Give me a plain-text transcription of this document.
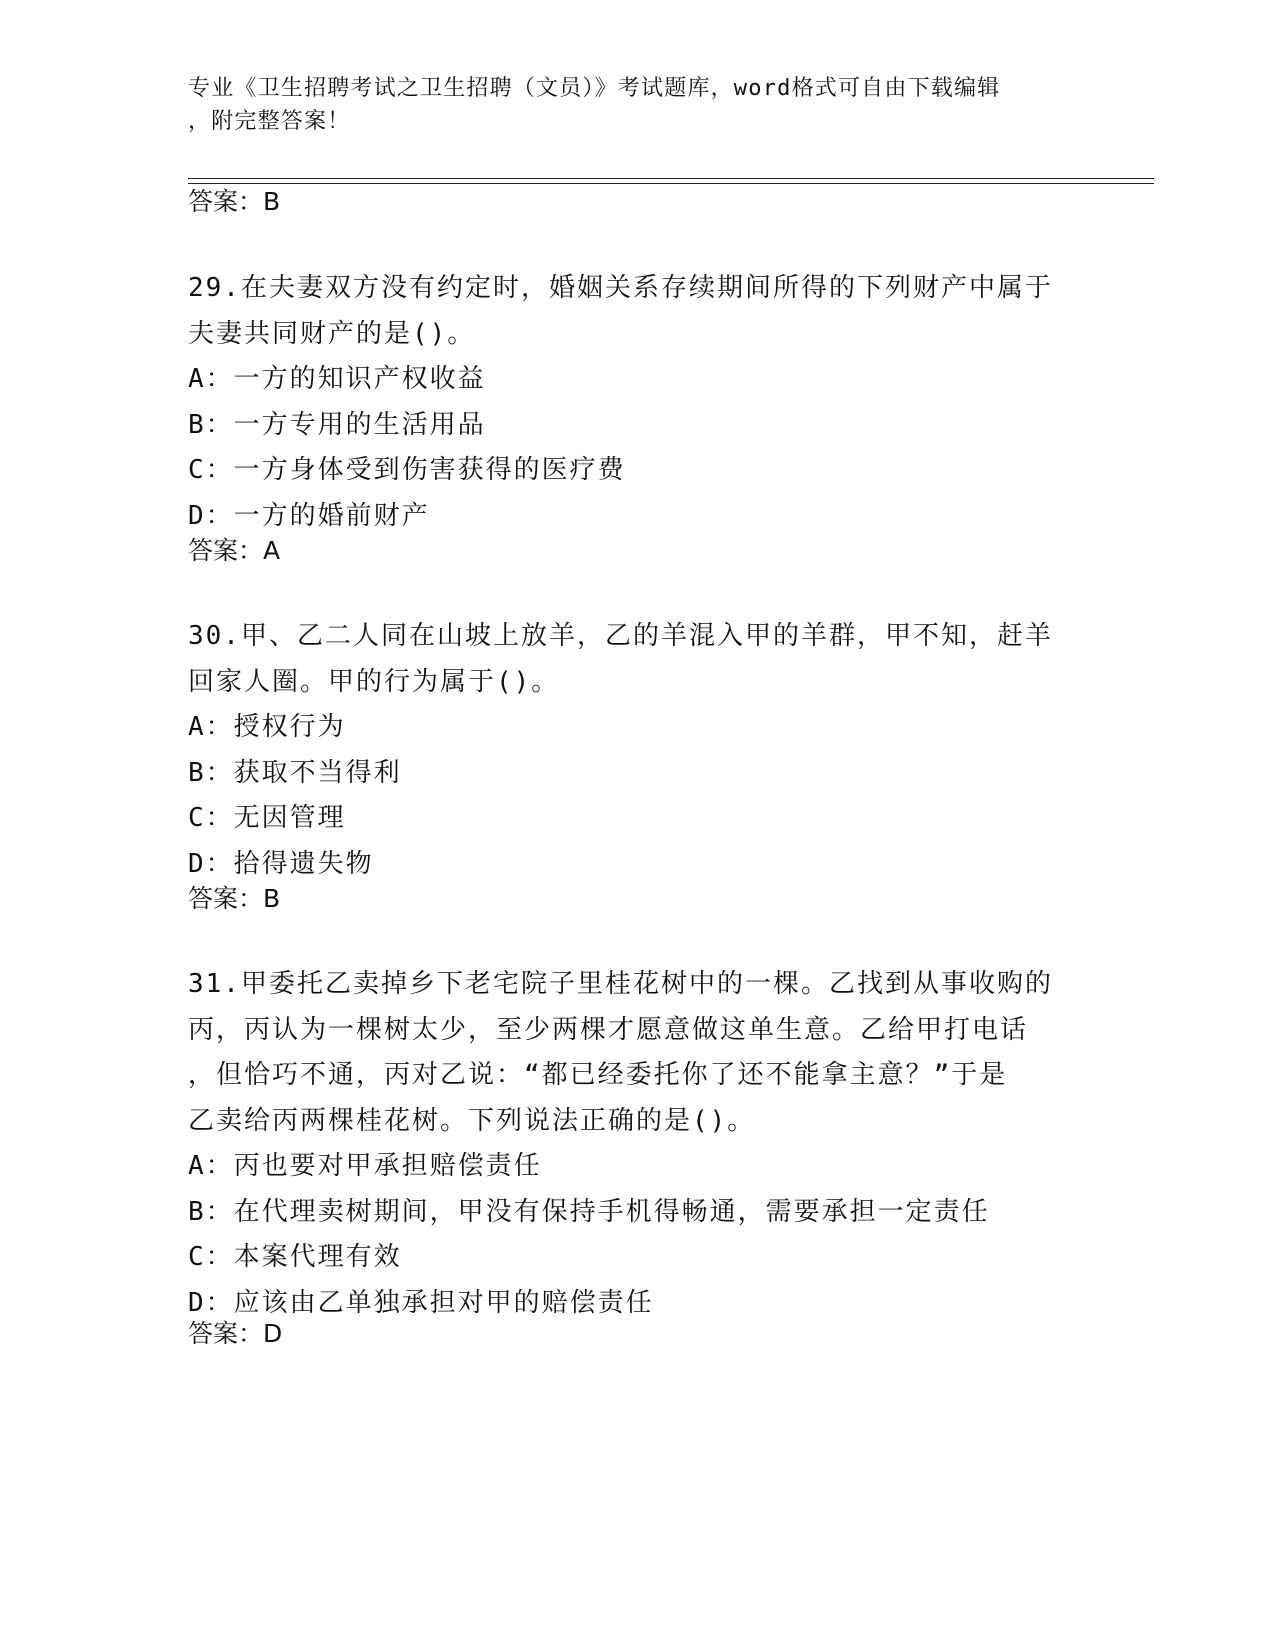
专业《卫生招聘考试之卫生招聘（文员）》考试题库，word格式可自由下载编辑
，附完整答案！
答案：B
29.在夫妻双方没有约定时，婚姻关系存续期间所得的下列财产中属于
夫妻共同财产的是()。
A：一方的知识产权收益
B：一方专用的生活用品
C：一方身体受到伤害获得的医疗费
D：一方的婚前财产
答案：A
30.甲、乙二人同在山坡上放羊，乙的羊混入甲的羊群，甲不知，赶羊
回家人圈。甲的行为属于()。
A：授权行为
B：获取不当得利
C：无因管理
D：拾得遗失物
答案：B
31.甲委托乙卖掉乡下老宅院子里桂花树中的一棵。乙找到从事收购的
丙，丙认为一棵树太少，至少两棵才愿意做这单生意。乙给甲打电话
，但恰巧不通，丙对乙说：“都已经委托你了还不能拿主意？”于是
乙卖给丙两棵桂花树。下列说法正确的是()。
A：丙也要对甲承担赔偿责任
B：在代理卖树期间，甲没有保持手机得畅通，需要承担一定责任
C：本案代理有效
D：应该由乙单独承担对甲的赔偿责任
答案：D
